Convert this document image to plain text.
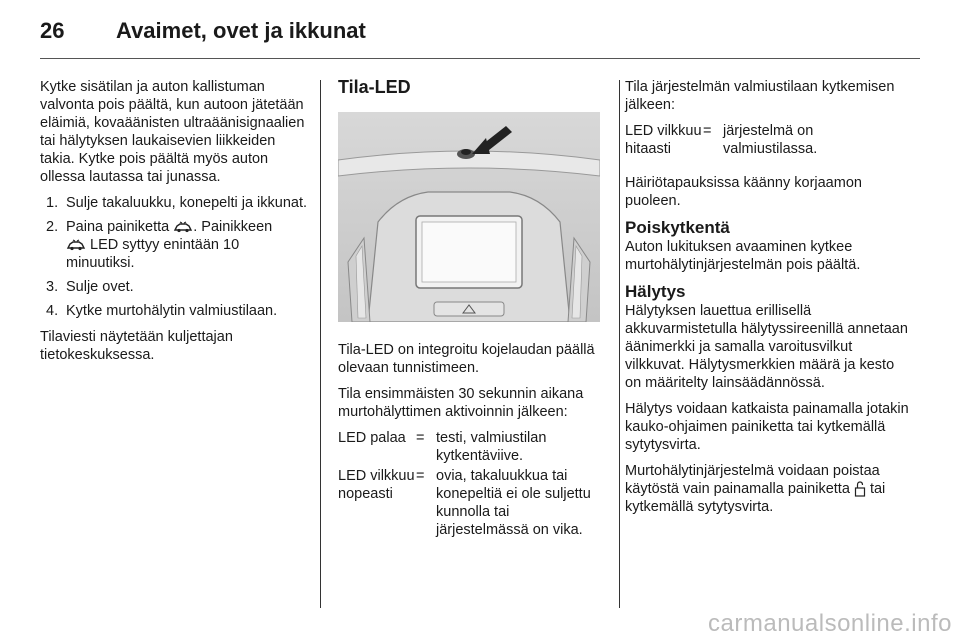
26 Avaimet, ovet ja ikkunat

Kytke sisätilan ja auton kallistuman valvonta pois päältä, kun autoon jätetään eläimiä, kovaäänisten ultraäänisignaalien tai hälytyksen laukaisevien liikkeiden takia. Kytke pois päältä myös auton ollessa lautassa tai junassa.

1. Sulje takaluukku, konepelti ja ikkunat.
2. Paina painiketta . Painikkeen
LED syttyy enintään 10 minuutiksi.
3. Sulje ovet.
4. Kytke murtohälytin valmiustilaan.

Tilaviesti näytetään kuljettajan tietokeskuksessa.

Tila-LED

Tila-LED on integroitu kojelaudan päällä olevaan tunnistimeen.

Tila ensimmäisten 30 sekunnin aikana murtohälyttimen aktivoinnin jälkeen:

LED palaa = testi, valmiustilan kytkentäviive.
LED vilkkuu nopeasti
= ovia, takaluukkua tai konepeltiä ei ole suljettu kunnolla tai järjestelmässä on vika.

Tila järjestelmän valmiustilaan kytkemisen jälkeen:

LED vilkkuu hitaasti
= järjestelmä on valmiustilassa.

Häiriötapauksissa käänny korjaamon puoleen.

Poiskytkentä

Auton lukituksen avaaminen kytkee murtohälytinjärjestelmän pois päältä.

Hälytys

Hälytyksen lauettua erillisellä akkuvarmistetulla hälytyssireenillä annetaan äänimerkki ja samalla varoitusvilkut vilkkuvat. Hälytysmerkkien määrä ja kesto on määritelty lainsäädännössä.

Hälytys voidaan katkaista painamalla jotakin kauko-ohjaimen painiketta tai kytkemällä sytytysvirta.

Murtohälytinjärjestelmä voidaan poistaa käytöstä vain painamalla painiketta tai kytkemällä sytytysvirta.

carmanualsonline.info
